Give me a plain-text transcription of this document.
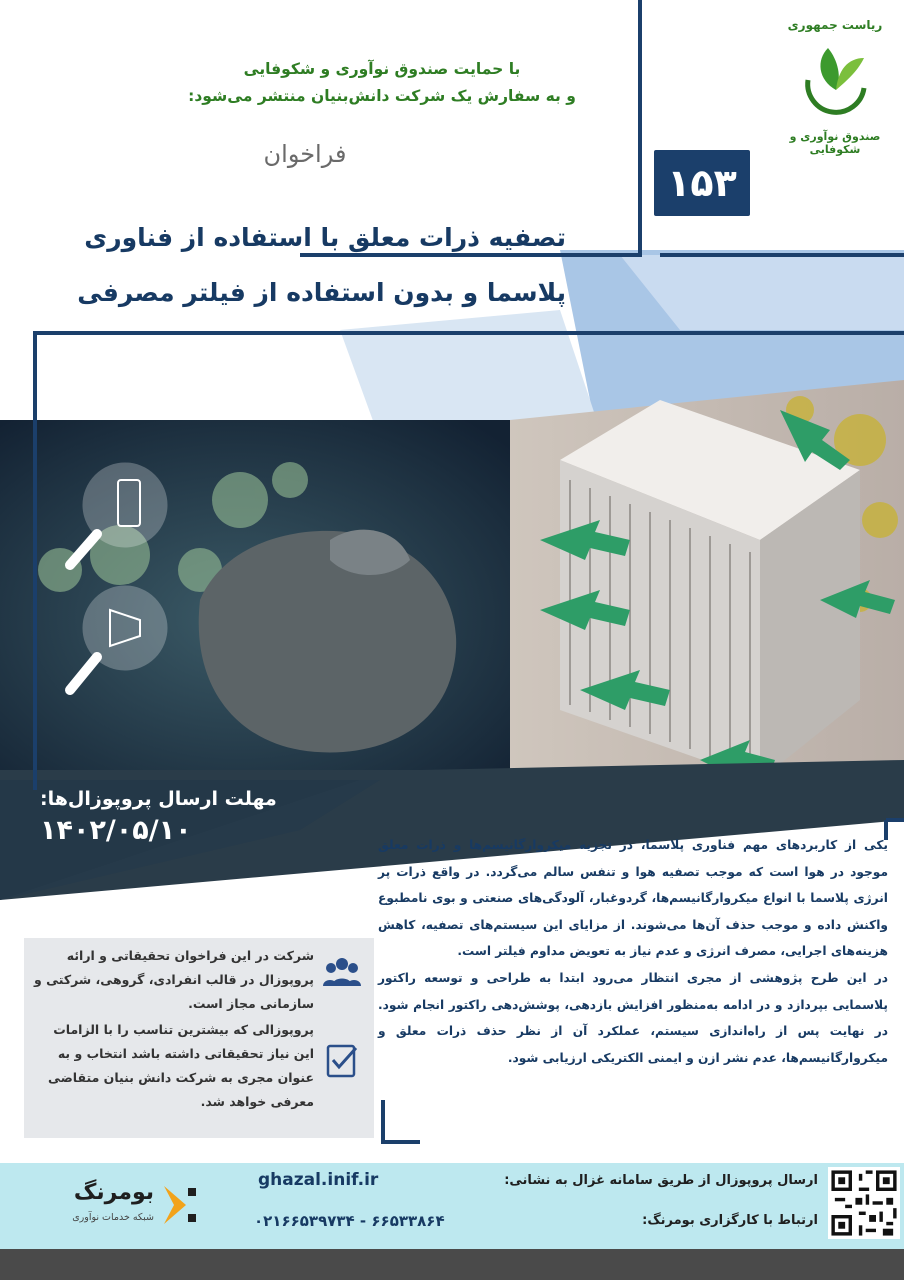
ریاست جمهوری
صندوق نوآوری و شکوفایی
با حمایت صندوق نوآوری و شکوفایی
و به سفارش یک شرکت دانش‌بنیان منتشر می‌شود:
فراخوان
۱۵۳
تصفیه ذرات معلق با استفاده از فناوری
پلاسما و بدون استفاده از فیلتر مصرفی
مهلت ارسال پروپوزال‌ها:
۱۴۰۲/۰۵/۱۰	یکی از کاربردهای مهم فناوری پلاسما، در تجزیه میکروارگانیسم‌ها و ذرات معلق موجود در هوا است که موجب تصفیه هوا و تنفس سالم می‌گردد. در واقع ذرات پر انرژی پلاسما با انواع میکروارگانیسم‌ها، گردوغبار، آلودگی‌های صنعتی و بوی نامطبوع واکنش داده و موجب حذف آن‌ها می‌شوند. از مزایای این سیستم‌های تصفیه، کاهش هزینه‌های اجرایی، مصرف انرژی و عدم نیاز به تعویض مداوم فیلتر است.

در این طرح پژوهشی از مجری انتظار می‌رود ابتدا به طراحی و توسعه راکتور پلاسمایی بپردازد و در ادامه به‌منظور افزایش بازدهی، پوشش‌دهی راکتور انجام شود. در نهایت پس از راه‌اندازی سیستم، عملکرد آن از نظر حذف ذرات معلق و میکروارگانیسم‌ها، عدم نشر ازن و ایمنی الکتریکی ارزیابی شود.

شرکت در این فراخوان تحقیقاتی و ارائه پروپوزال در قالب انفرادی، گروهی، شرکتی و سازمانی مجاز است.
پروپوزالی که بیشترین تناسب را با الزامات این نیاز تحقیقاتی داشته باشد انتخاب و به عنوان مجری به شرکت دانش بنیان متقاضی معرفی خواهد شد.
ارسال پروپوزال از طریق سامانه غزال به نشانی:
ارتباط با کارگزاری بومرنگ:
ghazal.inif.ir
۰۲۱۶۶۵۳۹۷۳۴ - ۶۶۵۳۳۸۶۴
بومرنگ
شبکه خدمات نوآوری
